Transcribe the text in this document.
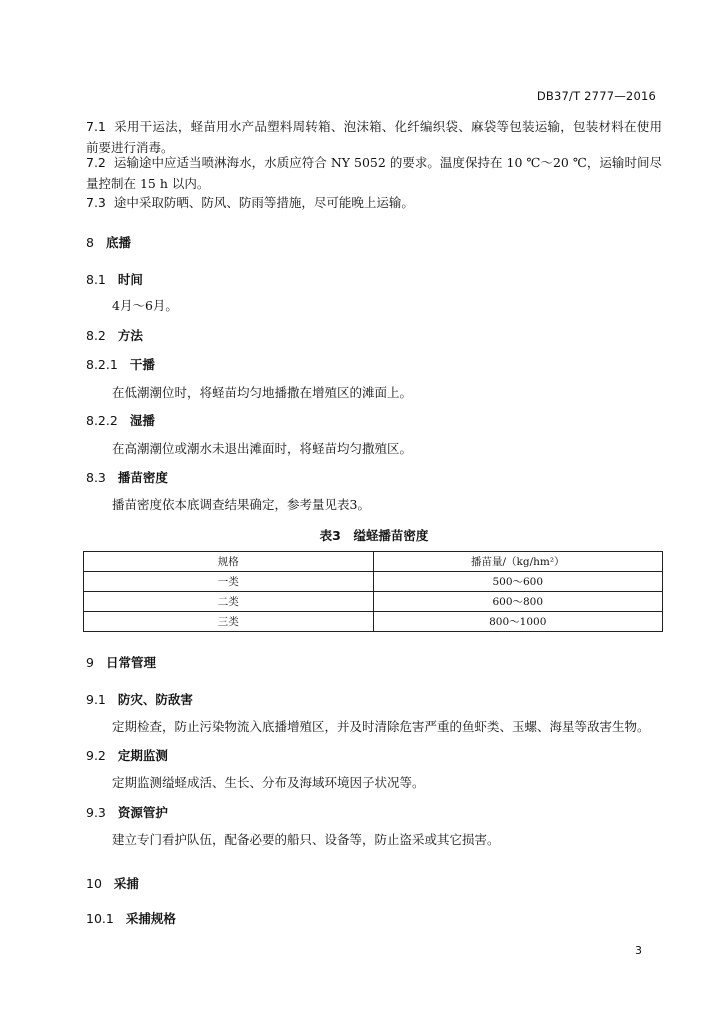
DB37/T 2777—2016

7.1 采用干运法，蛏苗用水产品塑料周转箱、泡沫箱、化纤编织袋、麻袋等包装运输，包装材料在使用前要进行消毒。

7.2 运输途中应适当喷淋海水，水质应符合 NY 5052 的要求。温度保持在 10 ℃～20 ℃，运输时间尽量控制在 15 h 以内。

7.3 途中采取防晒、防风、防雨等措施，尽可能晚上运输。

8 底播
8.1 时间
4月～6月。
8.2 方法
8.2.1 干播
在低潮潮位时，将蛏苗均匀地播撒在增殖区的滩面上。
8.2.2 湿播
在高潮潮位或潮水未退出滩面时，将蛏苗均匀撒殖区。
8.3 播苗密度
播苗密度依本底调查结果确定，参考量见表3。
表3　缢蛏播苗密度
规格	播苗量/（kg/hm²）
一类	500～600
二类	600～800
三类	800～1000
9 日常管理
9.1 防灾、防敌害
定期检查，防止污染物流入底播增殖区，并及时清除危害严重的鱼虾类、玉螺、海星等敌害生物。
9.2 定期监测
定期监测缢蛏成活、生长、分布及海域环境因子状况等。
9.3 资源管护
建立专门看护队伍，配备必要的船只、设备等，防止盗采或其它损害。
10 采捕
10.1 采捕规格
3
